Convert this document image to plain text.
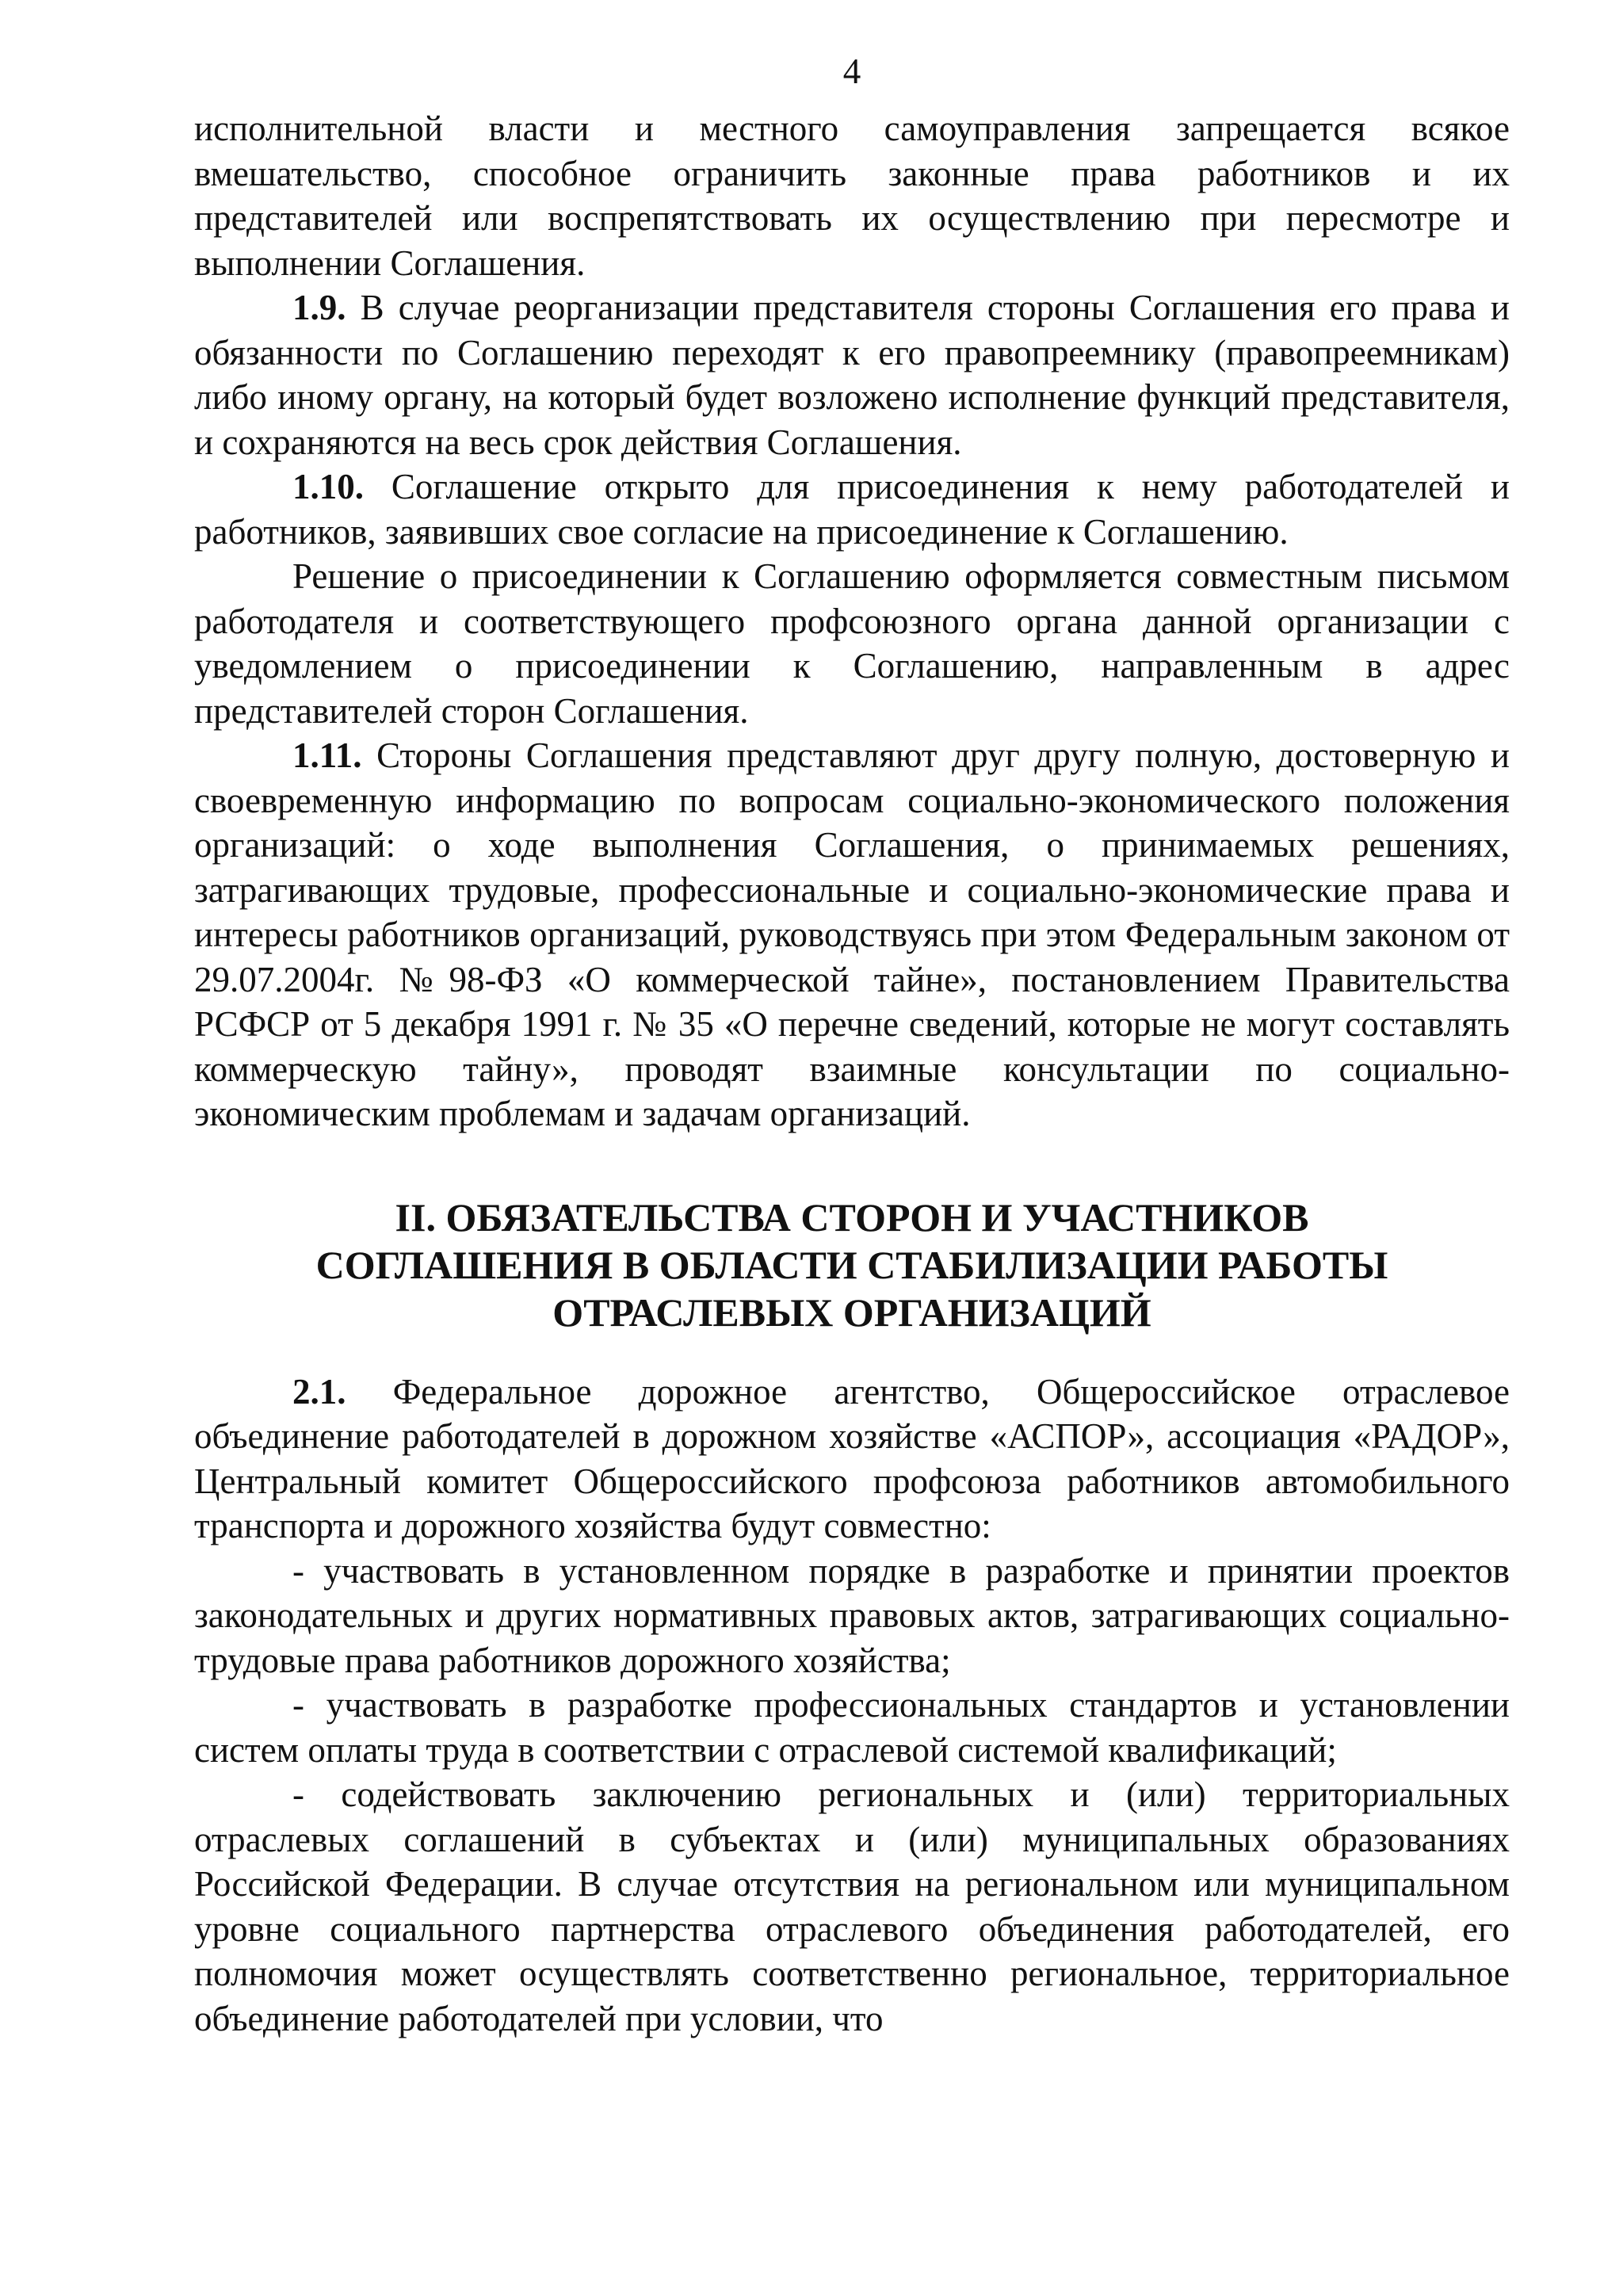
4

исполнительной власти и местного самоуправления запрещается всякое вмешательство, способное ограничить законные права работников и их представителей или воспрепятствовать их осуществлению при пересмотре и выполнении Соглашения.

1.9. В случае реорганизации представителя стороны Соглашения его права и обязанности по Соглашению переходят к его правопреемнику (правопреемникам) либо иному органу, на который будет возложено исполнение функций представителя, и сохраняются на весь срок действия Соглашения.

1.10. Соглашение открыто для присоединения к нему работодателей и работников, заявивших свое согласие на присоединение к Соглашению.

Решение о присоединении к Соглашению оформляется совместным письмом работодателя и соответствующего профсоюзного органа данной организации с уведомлением о присоединении к Соглашению, направленным в адрес представителей сторон Соглашения.

1.11. Стороны Соглашения представляют друг другу полную, достоверную и своевременную информацию по вопросам социально-экономического положения организаций: о ходе выполнения Соглашения, о принимаемых решениях, затрагивающих трудовые, профессиональные и социально-экономические права и интересы работников организаций, руководствуясь при этом Федеральным законом от 29.07.2004г. №98-ФЗ «О коммерческой тайне», постановлением Правительства РСФСР от 5 декабря 1991 г. № 35 «О перечне сведений, которые не могут составлять коммерческую тайну», проводят взаимные консультации по социально-экономическим проблемам и задачам организаций.

II. ОБЯЗАТЕЛЬСТВА СТОРОН И УЧАСТНИКОВ
СОГЛАШЕНИЯ В ОБЛАСТИ СТАБИЛИЗАЦИИ РАБОТЫ
ОТРАСЛЕВЫХ ОРГАНИЗАЦИЙ

2.1. Федеральное дорожное агентство, Общероссийское отраслевое объединение работодателей в дорожном хозяйстве «АСПОР», ассоциация «РАДОР», Центральный комитет Общероссийского профсоюза работников автомобильного транспорта и дорожного хозяйства будут совместно:

- участвовать в установленном порядке в разработке и принятии проектов законодательных и других нормативных правовых актов, затрагивающих социально-трудовые права работников дорожного хозяйства;

- участвовать в разработке профессиональных стандартов и установлении систем оплаты труда в соответствии с отраслевой системой квалификаций;

- содействовать заключению региональных и (или) территориальных отраслевых соглашений в субъектах и (или) муниципальных образованиях Российской Федерации. В случае отсутствия на региональном или муниципальном уровне социального партнерства отраслевого объединения работодателей, его полномочия может осуществлять соответственно региональное, территориальное объединение работодателей при условии, что
